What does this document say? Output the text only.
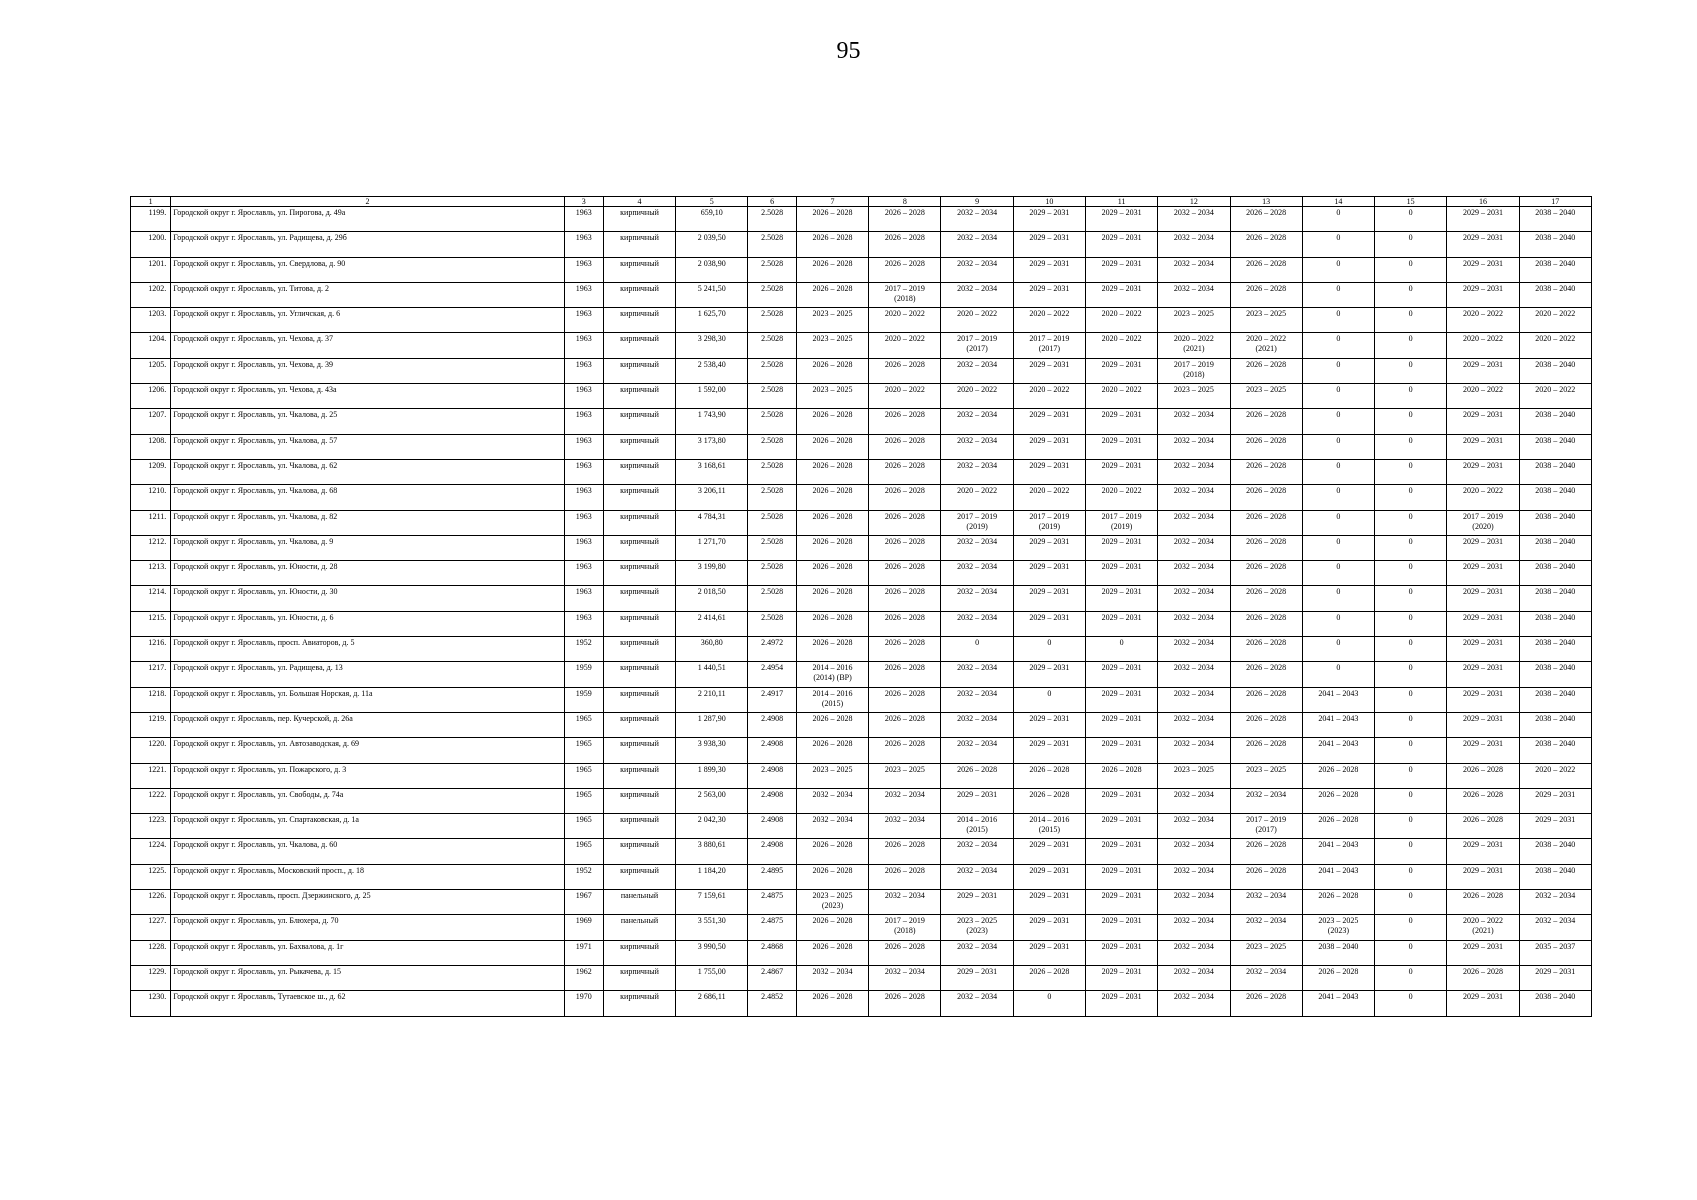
95
1	2	3	4	5	6	7	8	9	10	11	12	13	14	15	16	17
1199.	Городской округ г. Ярославль, ул. Пирогова, д. 49а	1963	кирпичный	659,10	2.5028	2026 – 2028	2026 – 2028	2032 – 2034	2029 – 2031	2029 – 2031	2032 – 2034	2026 – 2028	0	0	2029 – 2031	2038 – 2040
1200.	Городской округ г. Ярославль, ул. Радищева, д. 29б	1963	кирпичный	2 039,50	2.5028	2026 – 2028	2026 – 2028	2032 – 2034	2029 – 2031	2029 – 2031	2032 – 2034	2026 – 2028	0	0	2029 – 2031	2038 – 2040
1201.	Городской округ г. Ярославль, ул. Свердлова, д. 90	1963	кирпичный	2 038,90	2.5028	2026 – 2028	2026 – 2028	2032 – 2034	2029 – 2031	2029 – 2031	2032 – 2034	2026 – 2028	0	0	2029 – 2031	2038 – 2040
1202.	Городской округ г. Ярославль, ул. Титова, д. 2	1963	кирпичный	5 241,50	2.5028	2026 – 2028	2017 – 2019
(2018)	2032 – 2034	2029 – 2031	2029 – 2031	2032 – 2034	2026 – 2028	0	0	2029 – 2031	2038 – 2040
1203.	Городской округ г. Ярославль, ул. Угличская, д. 6	1963	кирпичный	1 625,70	2.5028	2023 – 2025	2020 – 2022	2020 – 2022	2020 – 2022	2020 – 2022	2023 – 2025	2023 – 2025	0	0	2020 – 2022	2020 – 2022
1204.	Городской округ г. Ярославль, ул. Чехова, д. 37	1963	кирпичный	3 298,30	2.5028	2023 – 2025	2020 – 2022	2017 – 2019
(2017)	2017 – 2019
(2017)	2020 – 2022	2020 – 2022
(2021)	2020 – 2022
(2021)	0	0	2020 – 2022	2020 – 2022
1205.	Городской округ г. Ярославль, ул. Чехова, д. 39	1963	кирпичный	2 538,40	2.5028	2026 – 2028	2026 – 2028	2032 – 2034	2029 – 2031	2029 – 2031	2017 – 2019
(2018)	2026 – 2028	0	0	2029 – 2031	2038 – 2040
1206.	Городской округ г. Ярославль, ул. Чехова, д. 43а	1963	кирпичный	1 592,00	2.5028	2023 – 2025	2020 – 2022	2020 – 2022	2020 – 2022	2020 – 2022	2023 – 2025	2023 – 2025	0	0	2020 – 2022	2020 – 2022
1207.	Городской округ г. Ярославль, ул. Чкалова, д. 25	1963	кирпичный	1 743,90	2.5028	2026 – 2028	2026 – 2028	2032 – 2034	2029 – 2031	2029 – 2031	2032 – 2034	2026 – 2028	0	0	2029 – 2031	2038 – 2040
1208.	Городской округ г. Ярославль, ул. Чкалова, д. 57	1963	кирпичный	3 173,80	2.5028	2026 – 2028	2026 – 2028	2032 – 2034	2029 – 2031	2029 – 2031	2032 – 2034	2026 – 2028	0	0	2029 – 2031	2038 – 2040
1209.	Городской округ г. Ярославль, ул. Чкалова, д. 62	1963	кирпичный	3 168,61	2.5028	2026 – 2028	2026 – 2028	2032 – 2034	2029 – 2031	2029 – 2031	2032 – 2034	2026 – 2028	0	0	2029 – 2031	2038 – 2040
1210.	Городской округ г. Ярославль, ул. Чкалова, д. 68	1963	кирпичный	3 206,11	2.5028	2026 – 2028	2026 – 2028	2020 – 2022	2020 – 2022	2020 – 2022	2032 – 2034	2026 – 2028	0	0	2020 – 2022	2038 – 2040
1211.	Городской округ г. Ярославль, ул. Чкалова, д. 82	1963	кирпичный	4 784,31	2.5028	2026 – 2028	2026 – 2028	2017 – 2019
(2019)	2017 – 2019
(2019)	2017 – 2019
(2019)	2032 – 2034	2026 – 2028	0	0	2017 – 2019
(2020)	2038 – 2040
1212.	Городской округ г. Ярославль, ул. Чкалова, д. 9	1963	кирпичный	1 271,70	2.5028	2026 – 2028	2026 – 2028	2032 – 2034	2029 – 2031	2029 – 2031	2032 – 2034	2026 – 2028	0	0	2029 – 2031	2038 – 2040
1213.	Городской округ г. Ярославль, ул. Юности, д. 28	1963	кирпичный	3 199,80	2.5028	2026 – 2028	2026 – 2028	2032 – 2034	2029 – 2031	2029 – 2031	2032 – 2034	2026 – 2028	0	0	2029 – 2031	2038 – 2040
1214.	Городской округ г. Ярославль, ул. Юности, д. 30	1963	кирпичный	2 018,50	2.5028	2026 – 2028	2026 – 2028	2032 – 2034	2029 – 2031	2029 – 2031	2032 – 2034	2026 – 2028	0	0	2029 – 2031	2038 – 2040
1215.	Городской округ г. Ярославль, ул. Юности, д. 6	1963	кирпичный	2 414,61	2.5028	2026 – 2028	2026 – 2028	2032 – 2034	2029 – 2031	2029 – 2031	2032 – 2034	2026 – 2028	0	0	2029 – 2031	2038 – 2040
1216.	Городской округ г. Ярославль, просп. Авиаторов, д. 5	1952	кирпичный	360,80	2.4972	2026 – 2028	2026 – 2028	0	0	0	2032 – 2034	2026 – 2028	0	0	2029 – 2031	2038 – 2040
1217.	Городской округ г. Ярославль, ул. Радищева, д. 13	1959	кирпичный	1 440,51	2.4954	2014 – 2016
(2014) (ВР)	2026 – 2028	2032 – 2034	2029 – 2031	2029 – 2031	2032 – 2034	2026 – 2028	0	0	2029 – 2031	2038 – 2040
1218.	Городской округ г. Ярославль, ул. Большая Норская, д. 11а	1959	кирпичный	2 210,11	2.4917	2014 – 2016
(2015)	2026 – 2028	2032 – 2034	0	2029 – 2031	2032 – 2034	2026 – 2028	2041 – 2043	0	2029 – 2031	2038 – 2040
1219.	Городской округ г. Ярославль, пер. Кучерской, д. 26а	1965	кирпичный	1 287,90	2.4908	2026 – 2028	2026 – 2028	2032 – 2034	2029 – 2031	2029 – 2031	2032 – 2034	2026 – 2028	2041 – 2043	0	2029 – 2031	2038 – 2040
1220.	Городской округ г. Ярославль, ул. Автозаводская, д. 69	1965	кирпичный	3 938,30	2.4908	2026 – 2028	2026 – 2028	2032 – 2034	2029 – 2031	2029 – 2031	2032 – 2034	2026 – 2028	2041 – 2043	0	2029 – 2031	2038 – 2040
1221.	Городской округ г. Ярославль, ул. Пожарского, д. 3	1965	кирпичный	1 899,30	2.4908	2023 – 2025	2023 – 2025	2026 – 2028	2026 – 2028	2026 – 2028	2023 – 2025	2023 – 2025	2026 – 2028	0	2026 – 2028	2020 – 2022
1222.	Городской округ г. Ярославль, ул. Свободы, д. 74а	1965	кирпичный	2 563,00	2.4908	2032 – 2034	2032 – 2034	2029 – 2031	2026 – 2028	2029 – 2031	2032 – 2034	2032 – 2034	2026 – 2028	0	2026 – 2028	2029 – 2031
1223.	Городской округ г. Ярославль, ул. Спартаковская, д. 1а	1965	кирпичный	2 042,30	2.4908	2032 – 2034	2032 – 2034	2014 – 2016
(2015)	2014 – 2016
(2015)	2029 – 2031	2032 – 2034	2017 – 2019
(2017)	2026 – 2028	0	2026 – 2028	2029 – 2031
1224.	Городской округ г. Ярославль, ул. Чкалова, д. 60	1965	кирпичный	3 880,61	2.4908	2026 – 2028	2026 – 2028	2032 – 2034	2029 – 2031	2029 – 2031	2032 – 2034	2026 – 2028	2041 – 2043	0	2029 – 2031	2038 – 2040
1225.	Городской округ г. Ярославль, Московский просп., д. 18	1952	кирпичный	1 184,20	2.4895	2026 – 2028	2026 – 2028	2032 – 2034	2029 – 2031	2029 – 2031	2032 – 2034	2026 – 2028	2041 – 2043	0	2029 – 2031	2038 – 2040
1226.	Городской округ г. Ярославль, просп. Дзержинского, д. 25	1967	панельный	7 159,61	2.4875	2023 – 2025
(2023)	2032 – 2034	2029 – 2031	2029 – 2031	2029 – 2031	2032 – 2034	2032 – 2034	2026 – 2028	0	2026 – 2028	2032 – 2034
1227.	Городской округ г. Ярославль, ул. Блюхера, д. 70	1969	панельный	3 551,30	2.4875	2026 – 2028	2017 – 2019
(2018)	2023 – 2025
(2023)	2029 – 2031	2029 – 2031	2032 – 2034	2032 – 2034	2023 – 2025
(2023)	0	2020 – 2022
(2021)	2032 – 2034
1228.	Городской округ г. Ярославль, ул. Бахвалова, д. 1г	1971	кирпичный	3 990,50	2.4868	2026 – 2028	2026 – 2028	2032 – 2034	2029 – 2031	2029 – 2031	2032 – 2034	2023 – 2025	2038 – 2040	0	2029 – 2031	2035 – 2037
1229.	Городской округ г. Ярославль, ул. Рыкачева, д. 15	1962	кирпичный	1 755,00	2.4867	2032 – 2034	2032 – 2034	2029 – 2031	2026 – 2028	2029 – 2031	2032 – 2034	2032 – 2034	2026 – 2028	0	2026 – 2028	2029 – 2031
1230.	Городской округ г. Ярославль, Тутаевское ш., д. 62	1970	кирпичный	2 686,11	2.4852	2026 – 2028	2026 – 2028	2032 – 2034	0	2029 – 2031	2032 – 2034	2026 – 2028	2041 – 2043	0	2029 – 2031	2038 – 2040
